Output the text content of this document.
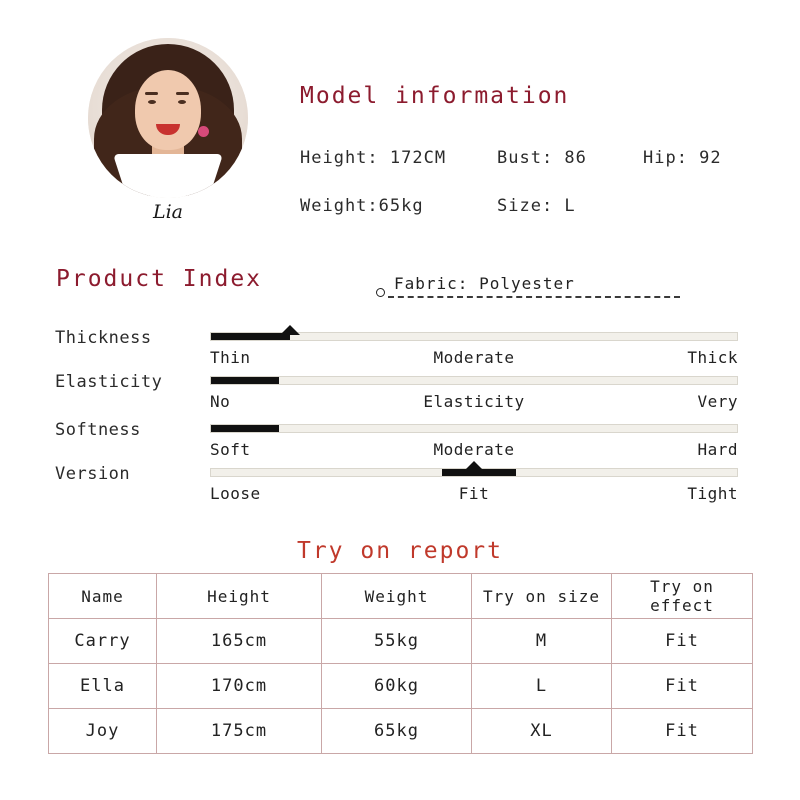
Lia
Model information
Height: 172CM	Bust: 86	Hip: 92
Weight:65kg	Size: L
Product Index	Fabric: Polyester
Thickness
Thin	Moderate	Thick
Elasticity
No	Elasticity	Very
Softness
Soft	Moderate	Hard
Version
Loose	Fit	Tight
Try on report
Name	Height	Weight	Try on size	Try on effect
Carry	165cm	55kg	M	Fit
Ella	170cm	60kg	L	Fit
Joy	175cm	65kg	XL	Fit
